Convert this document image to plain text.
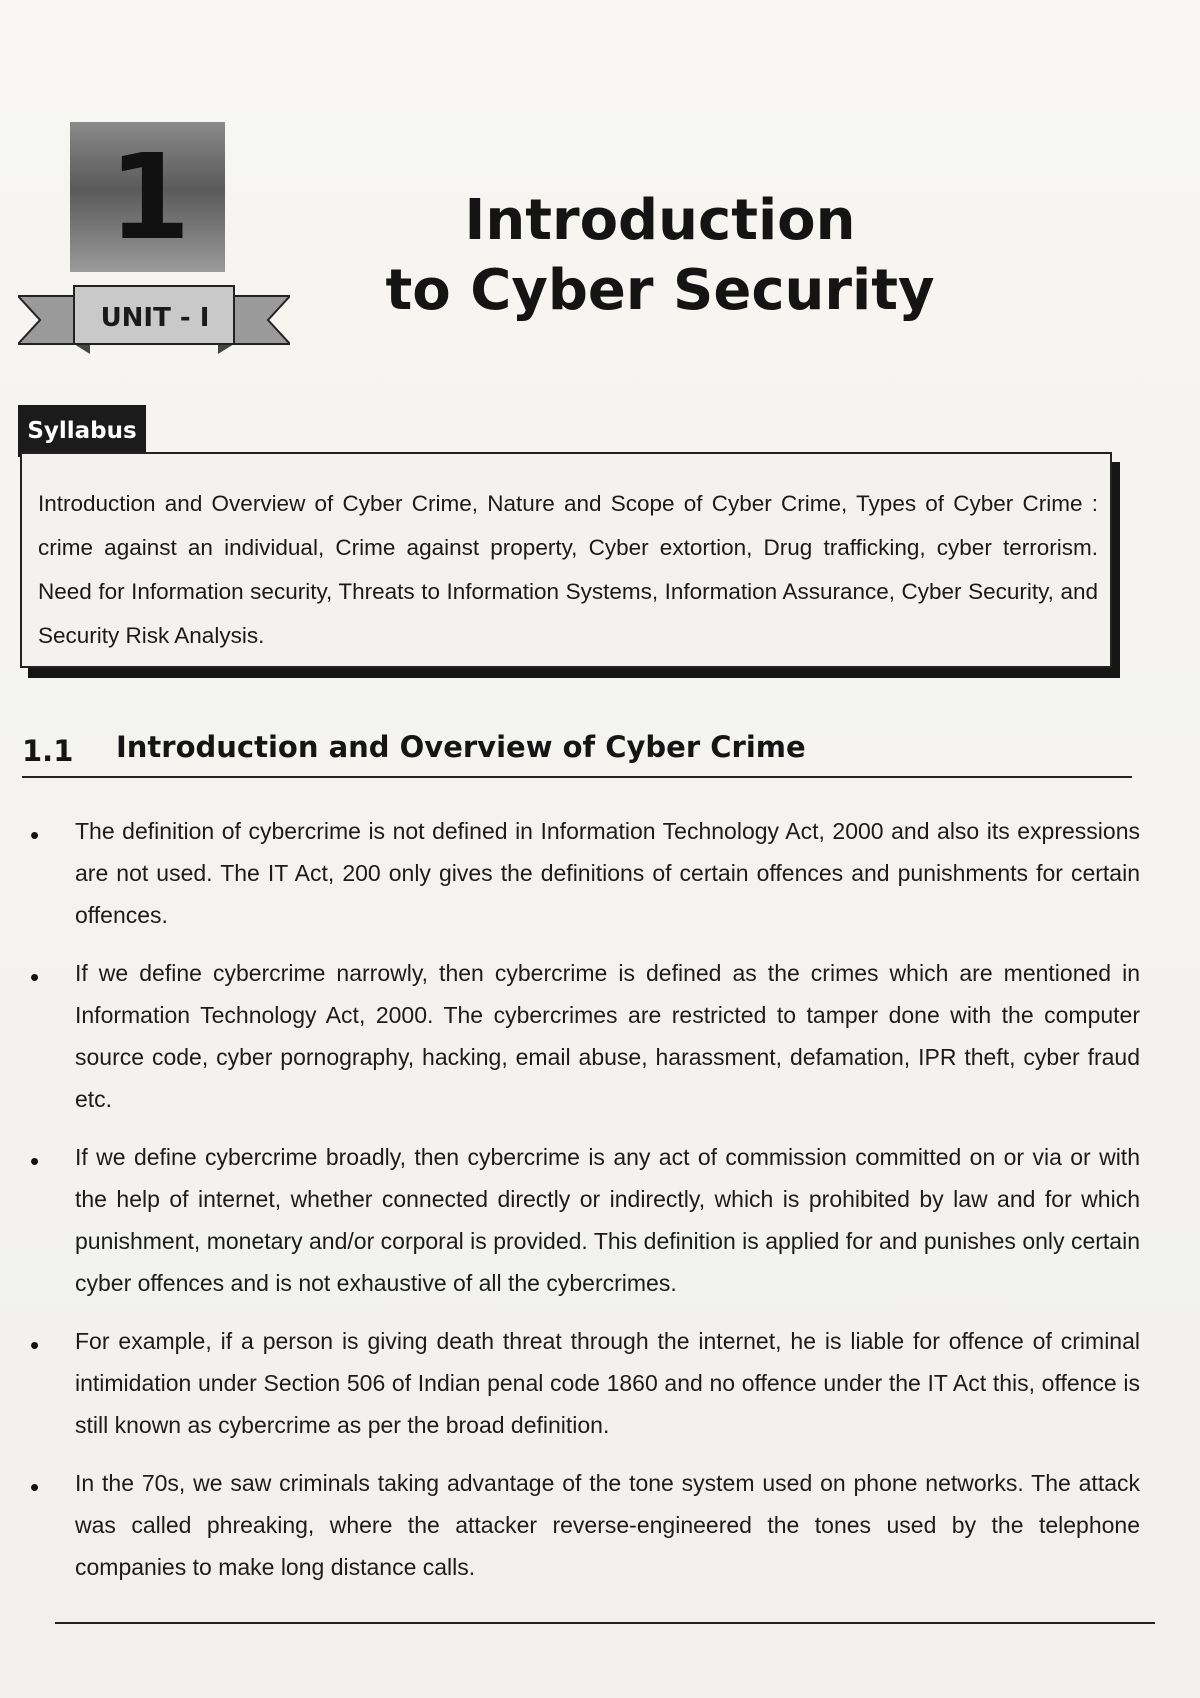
1
UNIT - I
Introduction
to Cyber Security
Syllabus
Introduction and Overview of Cyber Crime, Nature and Scope of Cyber Crime, Types of Cyber Crime : crime against an individual, Crime against property, Cyber extortion, Drug trafficking, cyber terrorism. Need for Information security, Threats to Information Systems, Information Assurance, Cyber Security, and Security Risk Analysis.
1.1 Introduction and Overview of Cyber Crime
• The definition of cybercrime is not defined in Information Technology Act, 2000 and also its expressions are not used. The IT Act, 200 only gives the definitions of certain offences and punishments for certain offences.
• If we define cybercrime narrowly, then cybercrime is defined as the crimes which are mentioned in Information Technology Act, 2000. The cybercrimes are restricted to tamper done with the computer source code, cyber pornography, hacking, email abuse, harassment, defamation, IPR theft, cyber fraud etc.
• If we define cybercrime broadly, then cybercrime is any act of commission committed on or via or with the help of internet, whether connected directly or indirectly, which is prohibited by law and for which punishment, monetary and/or corporal is provided. This definition is applied for and punishes only certain cyber offences and is not exhaustive of all the cybercrimes.
• For example, if a person is giving death threat through the internet, he is liable for offence of criminal intimidation under Section 506 of Indian penal code 1860 and no offence under the IT Act this, offence is still known as cybercrime as per the broad definition.
• In the 70s, we saw criminals taking advantage of the tone system used on phone networks. The attack was called phreaking, where the attacker reverse-engineered the tones used by the telephone companies to make long distance calls.
